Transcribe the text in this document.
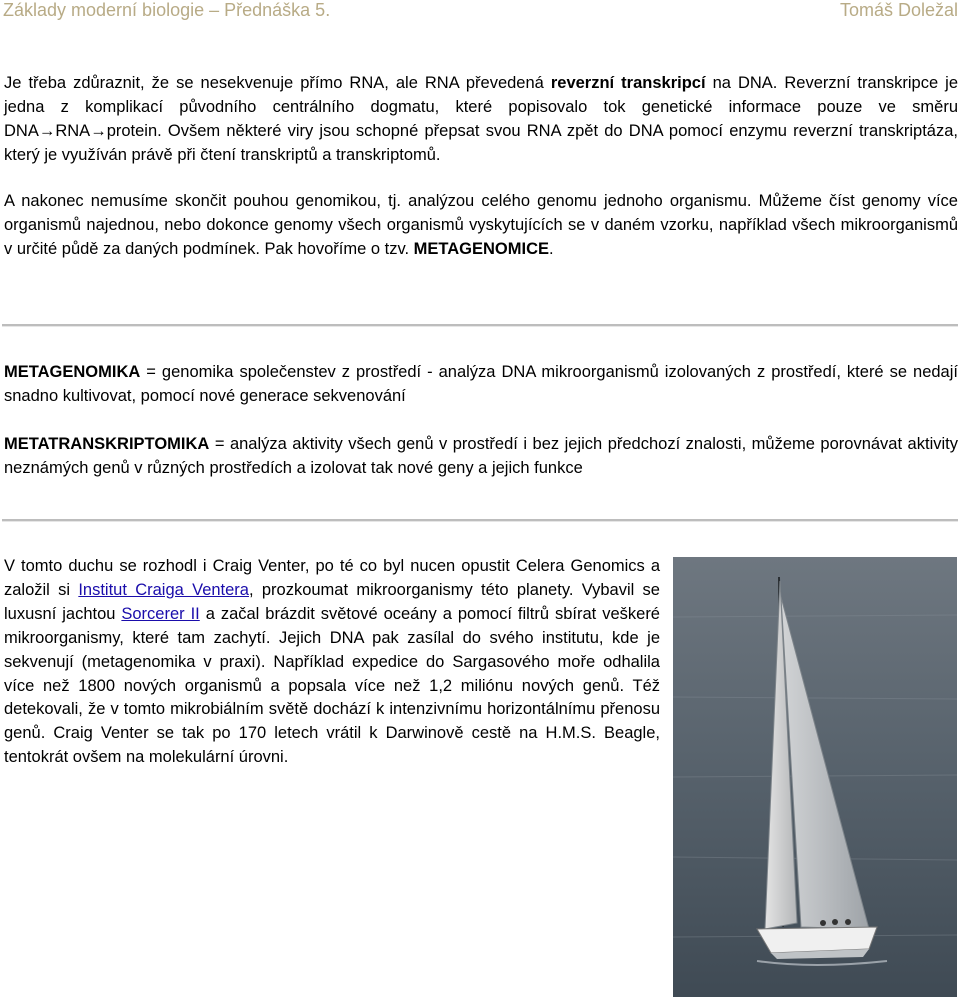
Základy moderní biologie – Přednáška 5.	Tomáš Doležal

Je třeba zdůraznit, že se nesekvenuje přímo RNA, ale RNA převedená reverzní transkripcí na DNA. Reverzní transkripce je jedna z komplikací původního centrálního dogmatu, které popisovalo tok genetické informace pouze ve směru DNA→RNA→protein. Ovšem některé viry jsou schopné přepsat svou RNA zpět do DNA pomocí enzymu reverzní transkriptáza, který je využíván právě při čtení transkriptů a transkriptomů.

A nakonec nemusíme skončit pouhou genomikou, tj. analýzou celého genomu jednoho organismu. Můžeme číst genomy více organismů najednou, nebo dokonce genomy všech organismů vyskytujících se v daném vzorku, například všech mikroorganismů v určité půdě za daných podmínek. Pak hovoříme o tzv. METAGENOMICE.

METAGENOMIKA = genomika společenstev z prostředí - analýza DNA mikroorganismů izolovaných z prostředí, které se nedají snadno kultivovat, pomocí nové generace sekvenování

METATRANSKRIPTOMIKA = analýza aktivity všech genů v prostředí i bez jejich předchozí znalosti, můžeme porovnávat aktivity neznámých genů v různých prostředích a izolovat tak nové geny a jejich funkce

V tomto duchu se rozhodl i Craig Venter, po té co byl nucen opustit Celera Genomics a založil si Institut Craiga Ventera, prozkoumat mikroorganismy této planety. Vybavil se luxusní jachtou Sorcerer II a začal brázdit světové oceány a pomocí filtrů sbírat veškeré mikroorganismy, které tam zachytí. Jejich DNA pak zasílal do svého institutu, kde je sekvenují (metagenomika v praxi). Například expedice do Sargasového moře odhalila více než 1800 nových organismů a popsala více než 1,2 miliónu nových genů. Též detekovali, že v tomto mikrobiálním světě dochází k intenzivnímu horizontálnímu přenosu genů. Craig Venter se tak po 170 letech vrátil k Darwinově cestě na H.M.S. Beagle, tentokrát ovšem na molekulární úrovni.
